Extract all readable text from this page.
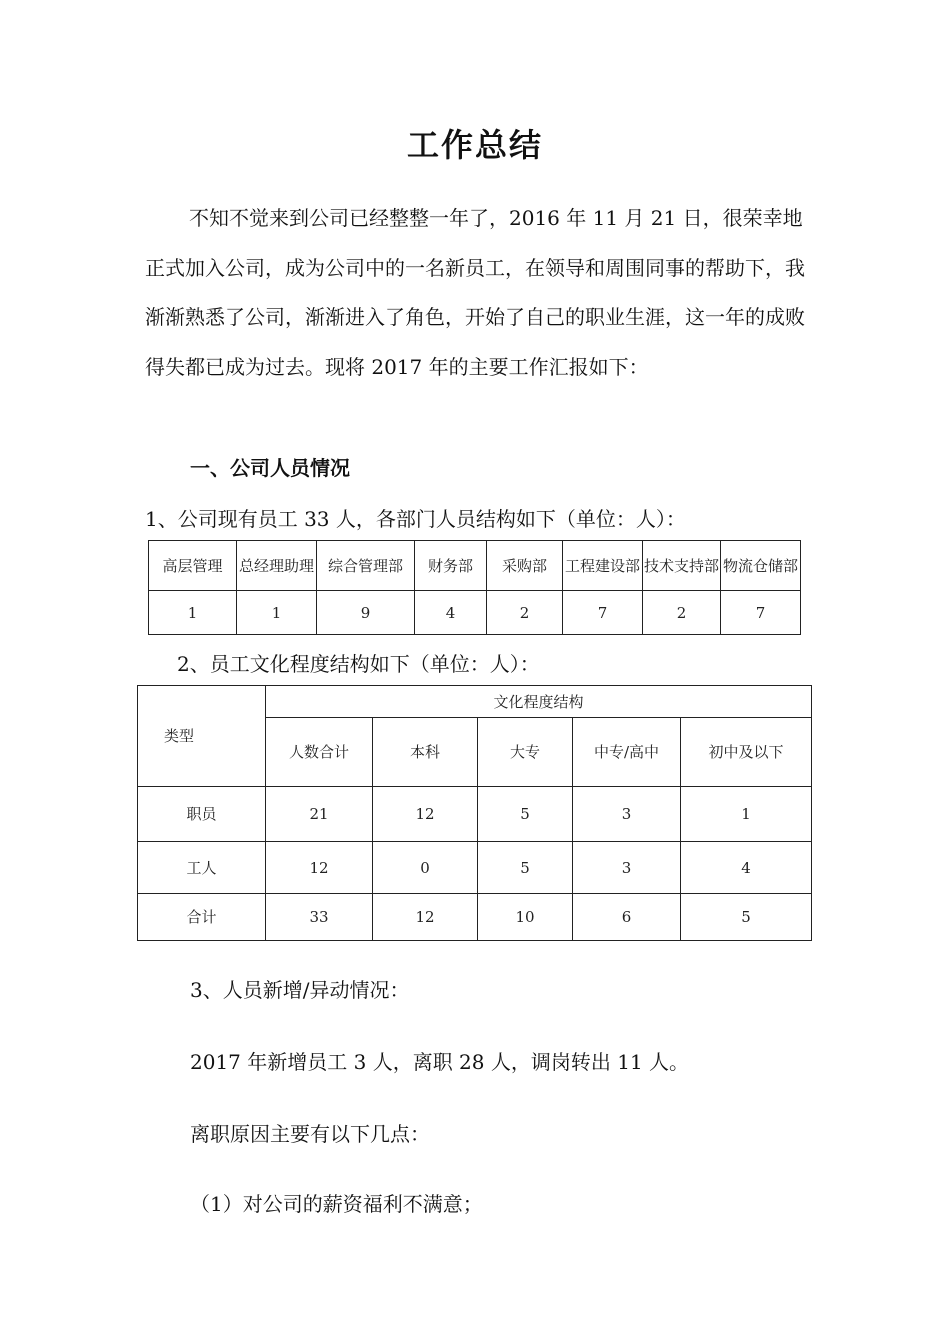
工作总结

不知不觉来到公司已经整整一年了，2016 年 11 月 21 日，很荣幸地正式加入公司，成为公司中的一名新员工，在领导和周围同事的帮助下，我渐渐熟悉了公司，渐渐进入了角色，开始了自己的职业生涯，这一年的成败得失都已成为过去。现将 2017 年的主要工作汇报如下：

一、公司人员情况
1、公司现有员工 33 人，各部门人员结构如下（单位：人）：
高层管理	总经理助理	综合管理部	财务部	采购部	工程建设部	技术支持部	物流仓储部
1	1	9	4	2	7	2	7
2、员工文化程度结构如下（单位：人）：
类型	文化程度结构				
	人数合计	本科	大专	中专/高中	初中及以下
职员	21	12	5	3	1
工人	12	0	5	3	4
合计	33	12	10	6	5
3、人员新增/异动情况：
2017 年新增员工 3 人，离职 28 人，调岗转出 11 人。
离职原因主要有以下几点：
（1）对公司的薪资福利不满意；
